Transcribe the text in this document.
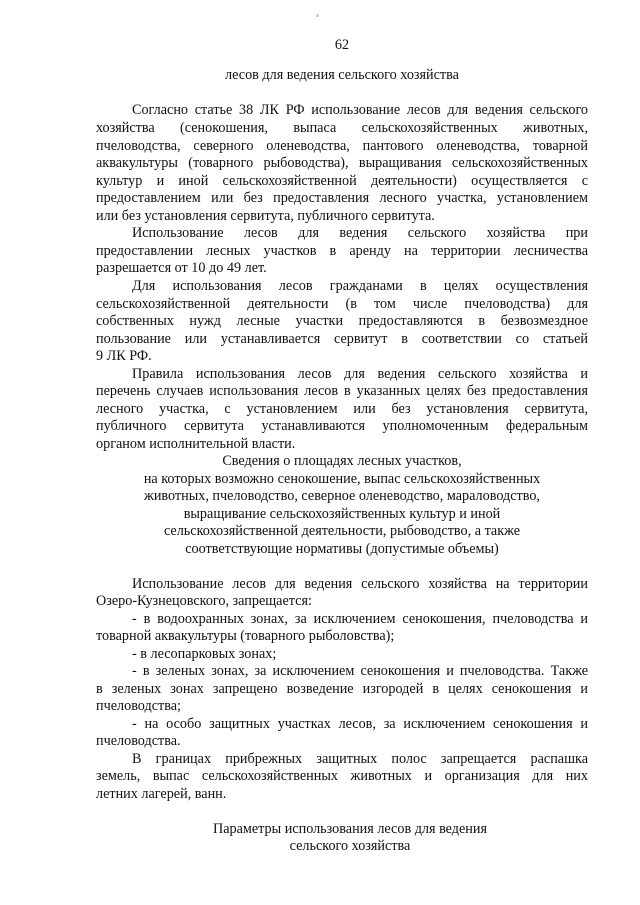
62
лесов для ведения сельского хозяйства
Согласно статье 38 ЛК РФ использование лесов для ведения сельского
хозяйства (сенокошения, выпаса сельскохозяйственных животных,
пчеловодства, северного оленеводства, пантового оленеводства, товарной
аквакультуры (товарного рыбоводства), выращивания сельскохозяйственных
культур и иной сельскохозяйственной деятельности) осуществляется с
предоставлением или без предоставления лесного участка, установлением
или без установления сервитута, публичного сервитута.
Использование лесов для ведения сельского хозяйства при
предоставлении лесных участков в аренду на территории лесничества
разрешается от 10 до 49 лет.
Для использования лесов гражданами в целях осуществления
сельскохозяйственной деятельности (в том числе пчеловодства) для
собственных нужд лесные участки предоставляются в безвозмездное
пользование или устанавливается сервитут в соответствии со статьей
9 ЛК РФ.
Правила использования лесов для ведения сельского хозяйства и
перечень случаев использования лесов в указанных целях без предоставления
лесного участка, с установлением или без установления сервитута,
публичного сервитута устанавливаются уполномоченным федеральным
органом исполнительной власти.
Сведения о площадях лесных участков,
на которых возможно сенокошение, выпас сельскохозяйственных
животных, пчеловодство, северное оленеводство, мараловодство,
выращивание сельскохозяйственных культур и иной
сельскохозяйственной деятельности, рыбоводство, а также
соответствующие нормативы (допустимые объемы)
Использование лесов для ведения сельского хозяйства на территории
Озеро-Кузнецовского, запрещается:
- в водоохранных зонах, за исключением сенокошения, пчеловодства и
товарной аквакультуры (товарного рыболовства);
- в лесопарковых зонах;
- в зеленых зонах, за исключением сенокошения и пчеловодства. Также
в зеленых зонах запрещено возведение изгородей в целях сенокошения и
пчеловодства;
- на особо защитных участках лесов, за исключением сенокошения и
пчеловодства.
В границах прибрежных защитных полос запрещается распашка
земель, выпас сельскохозяйственных животных и организация для них
летних лагерей, ванн.
Параметры использования лесов для ведения
сельского хозяйства
